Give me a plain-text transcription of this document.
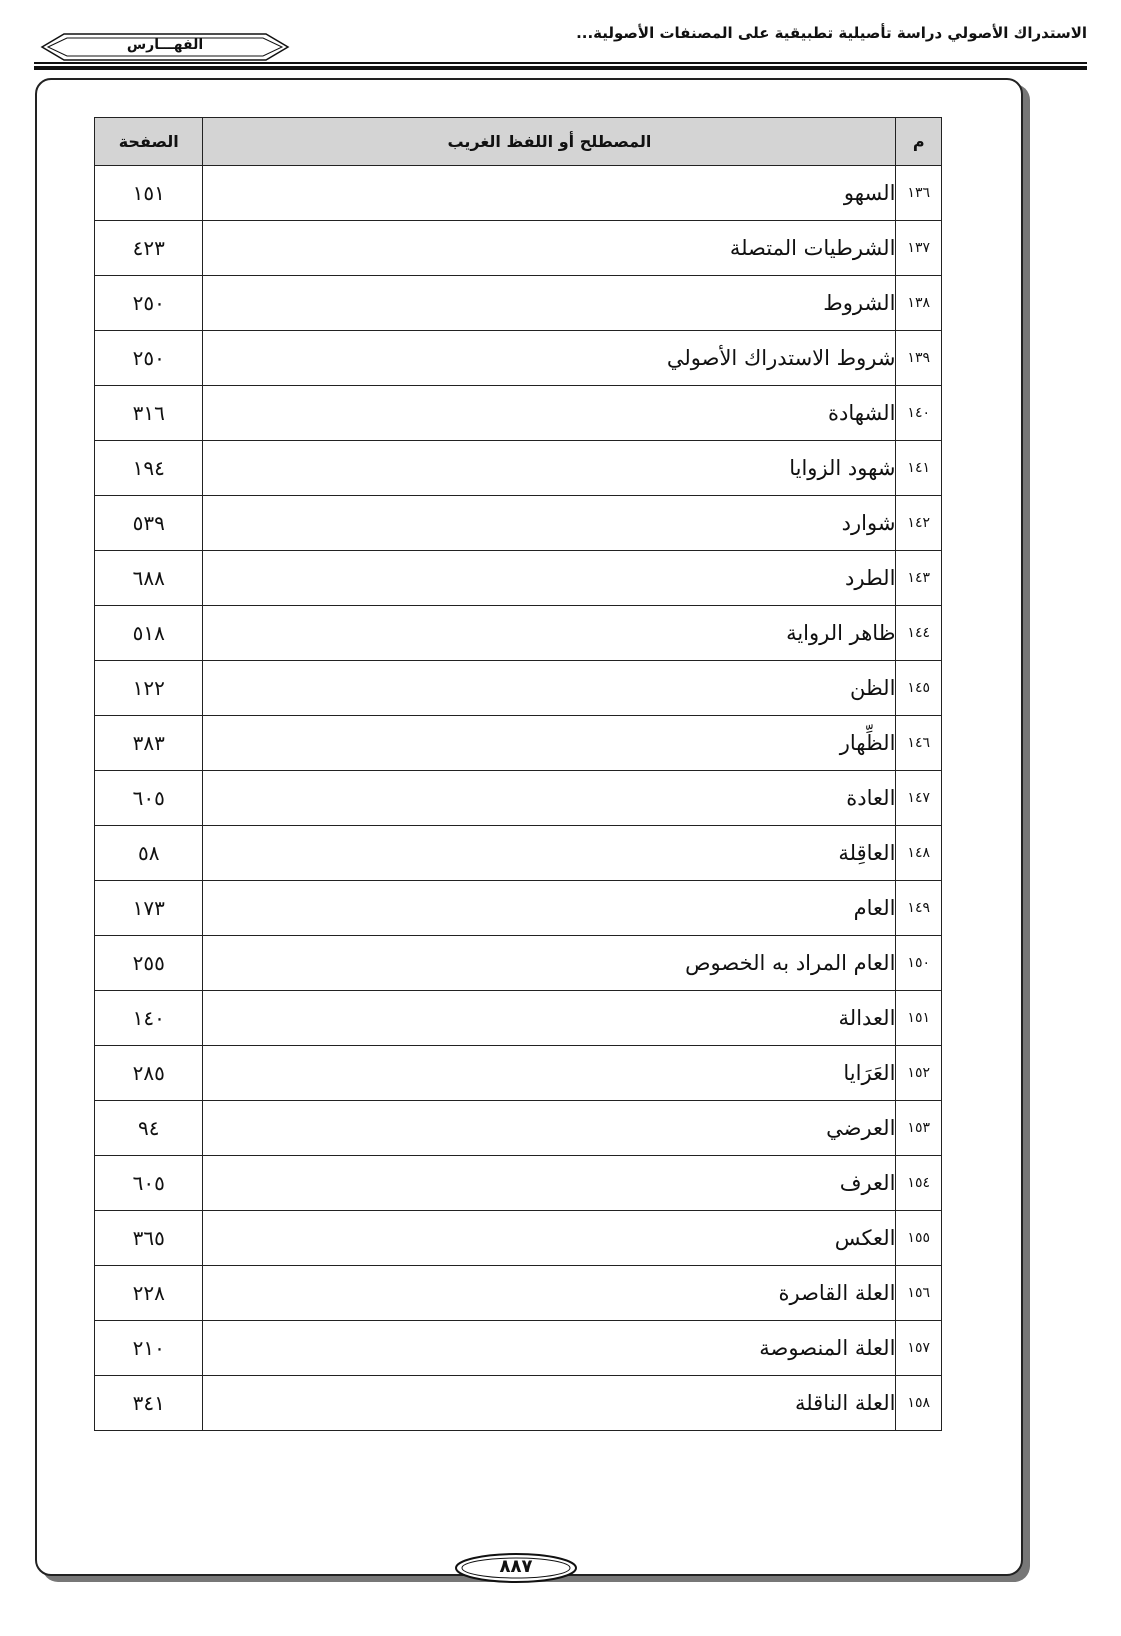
الاستدراك الأصولي دراسة تأصيلية تطبيقية على المصنفات الأصولية...
الفهـــارس
م	المصطلح أو اللفظ الغريب	الصفحة
١٣٦	السهو	١٥١
١٣٧	الشرطيات المتصلة	٤٢٣
١٣٨	الشروط	٢٥٠
١٣٩	شروط الاستدراك الأصولي	٢٥٠
١٤٠	الشهادة	٣١٦
١٤١	شهود الزوايا	١٩٤
١٤٢	شوارد	٥٣٩
١٤٣	الطرد	٦٨٨
١٤٤	ظاهر الرواية	٥١٨
١٤٥	الظن	١٢٢
١٤٦	الظِّهار	٣٨٣
١٤٧	العادة	٦٠٥
١٤٨	العاقِلة	٥٨
١٤٩	العام	١٧٣
١٥٠	العام المراد به الخصوص	٢٥٥
١٥١	العدالة	١٤٠
١٥٢	العَرَايا	٢٨٥
١٥٣	العرضي	٩٤
١٥٤	العرف	٦٠٥
١٥٥	العكس	٣٦٥
١٥٦	العلة القاصرة	٢٢٨
١٥٧	العلة المنصوصة	٢١٠
١٥٨	العلة الناقلة	٣٤١
٨٨٧
